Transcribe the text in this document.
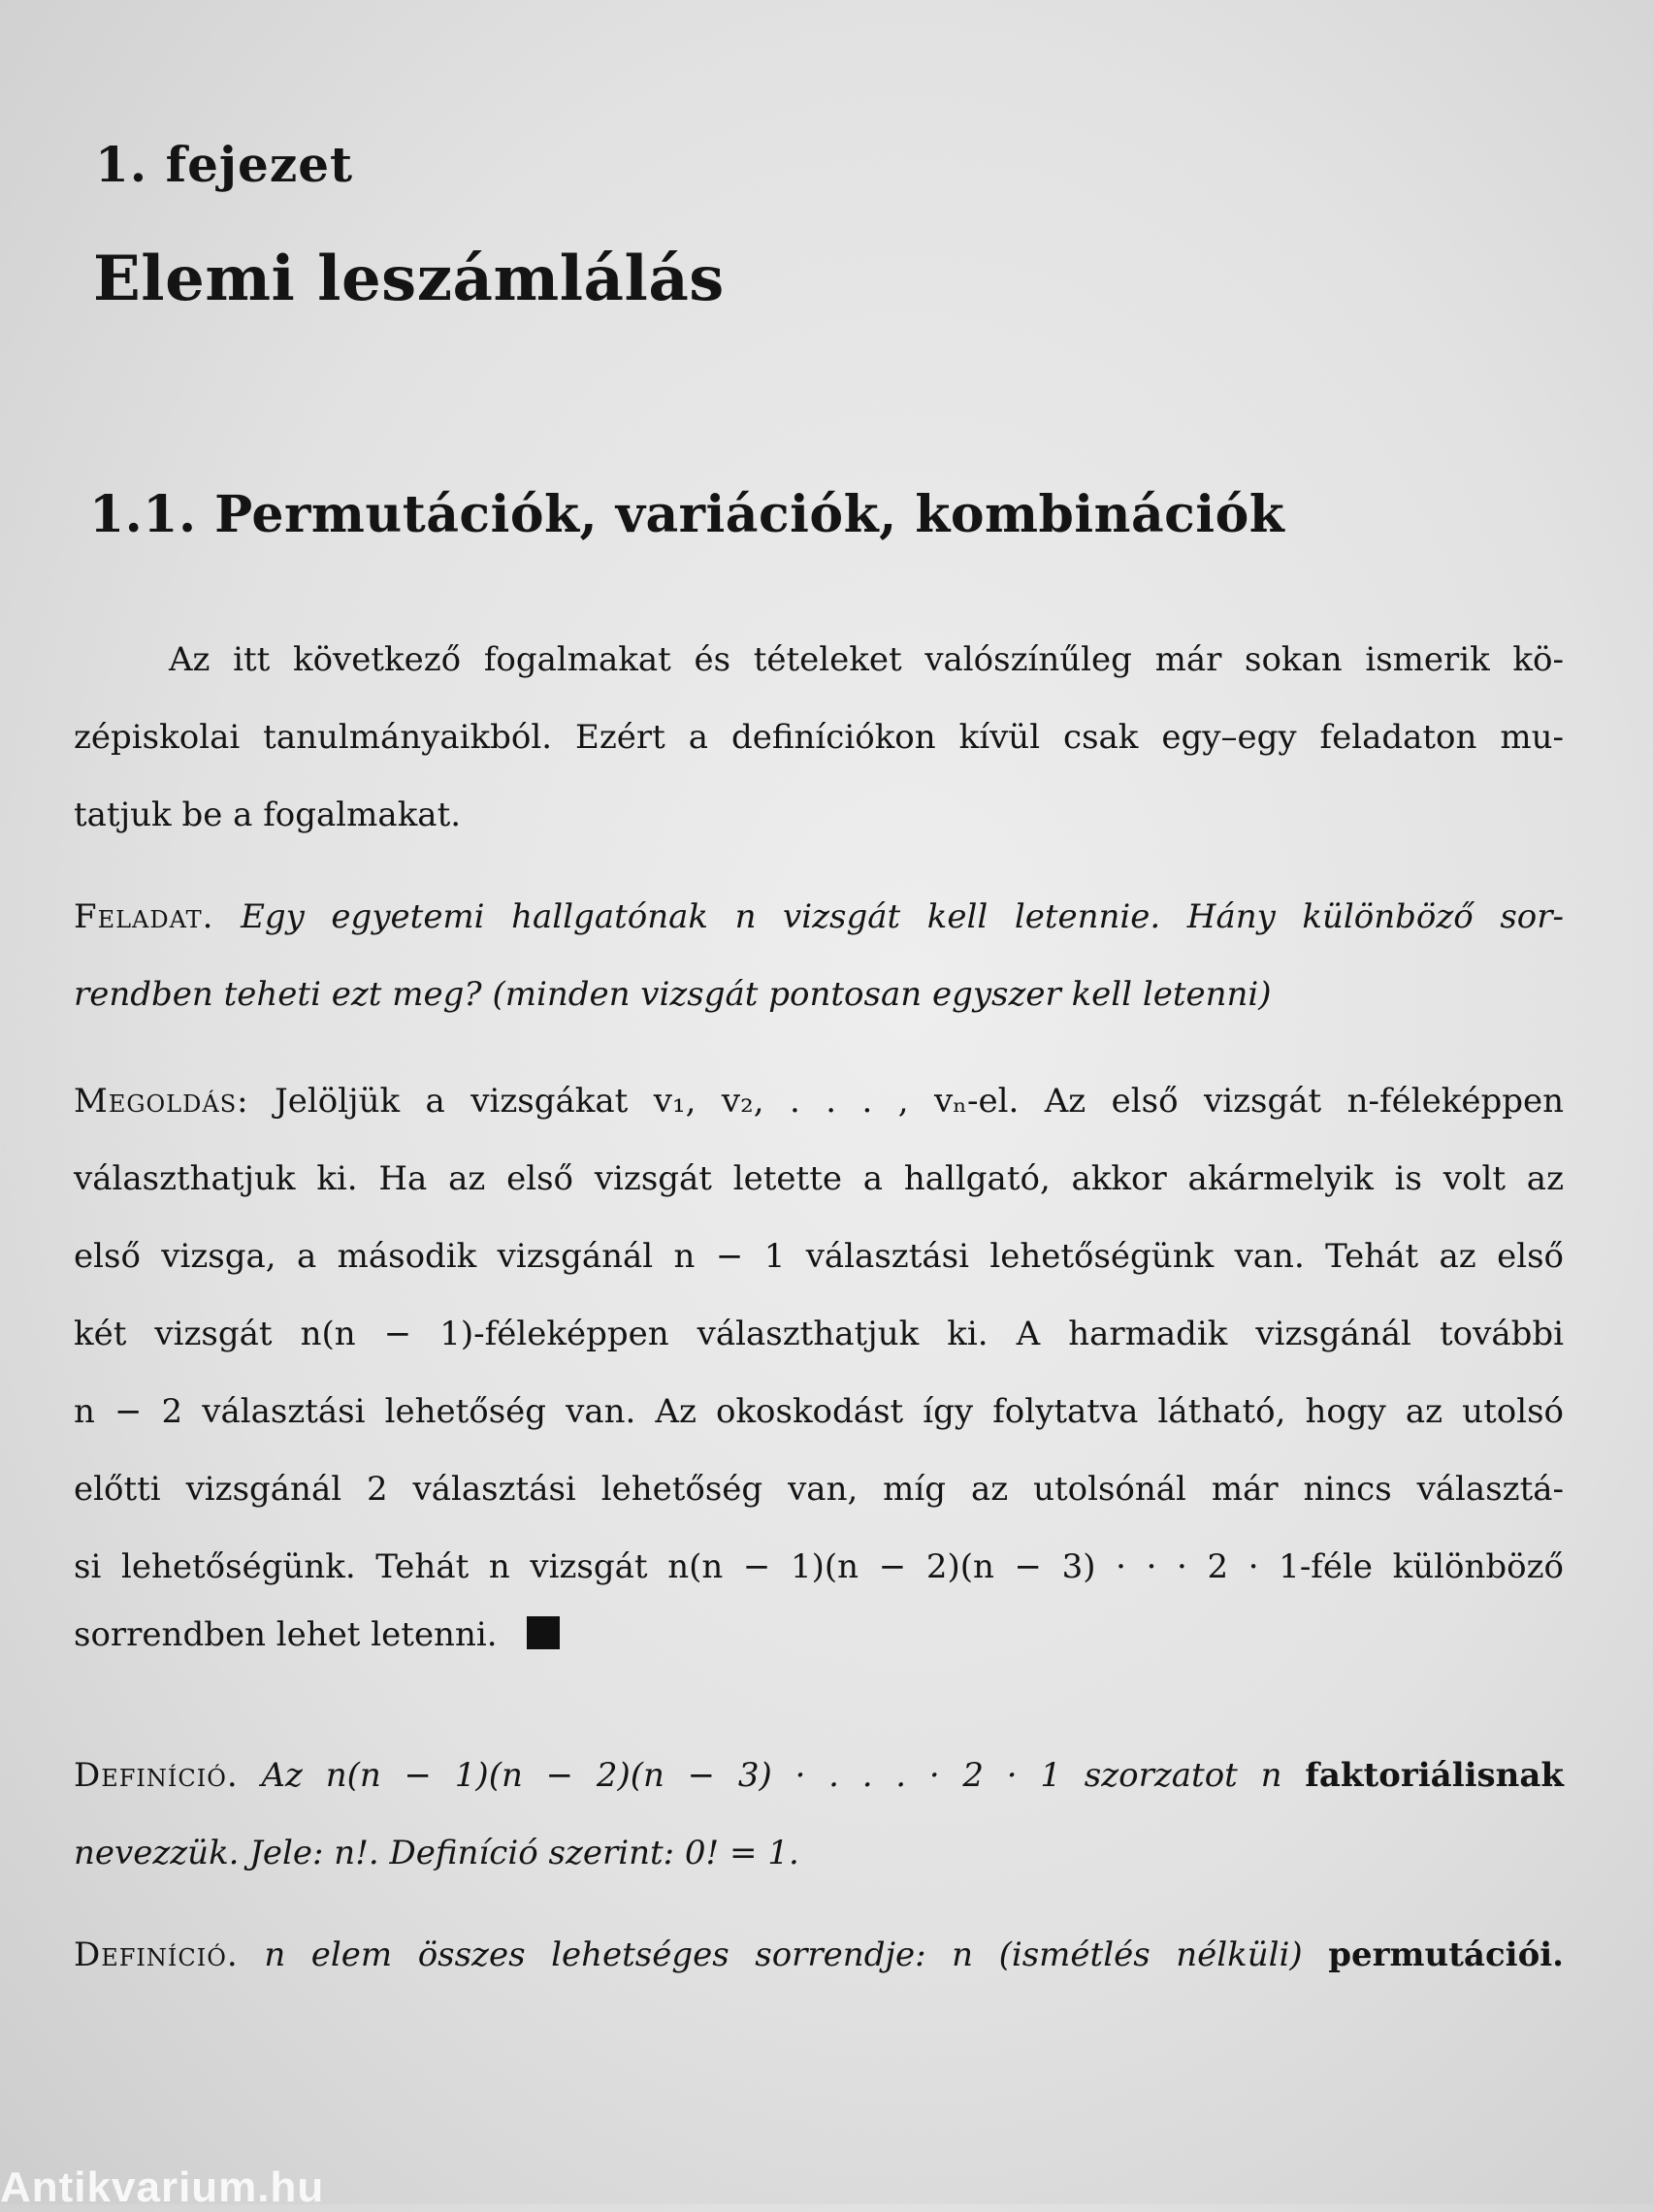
1. fejezet
Elemi leszámlálás
1.1. Permutációk, variációk, kombinációk
Az itt következő fogalmakat és tételeket valószínűleg már sokan ismerik kö-
zépiskolai tanulmányaikból. Ezért a definíciókon kívül csak egy–egy feladaton mu-
tatjuk be a fogalmakat.
Feladat. Egy egyetemi hallgatónak n vizsgát kell letennie. Hány különböző sor-
rendben teheti ezt meg? (minden vizsgát pontosan egyszer kell letenni)
Megoldás: Jelöljük a vizsgákat v₁, v₂, . . . , vₙ-el. Az első vizsgát n-féleképpen
választhatjuk ki. Ha az első vizsgát letette a hallgató, akkor akármelyik is volt az
első vizsga, a második vizsgánál n − 1 választási lehetőségünk van. Tehát az első
két vizsgát n(n − 1)-féleképpen választhatjuk ki. A harmadik vizsgánál további
n − 2 választási lehetőség van. Az okoskodást így folytatva látható, hogy az utolsó
előtti vizsgánál 2 választási lehetőség van, míg az utolsónál már nincs választá-
si lehetőségünk. Tehát n vizsgát n(n − 1)(n − 2)(n − 3) · · · 2 · 1-féle különböző
sorrendben lehet letenni.
Definíció. Az n(n − 1)(n − 2)(n − 3) · . . . · 2 · 1 szorzatot n faktoriálisnak
nevezzük. Jele: n!. Definíció szerint: 0! = 1.
Definíció. n elem összes lehetséges sorrendje: n (ismétlés nélküli) permutációi.
Antikvarium.hu
